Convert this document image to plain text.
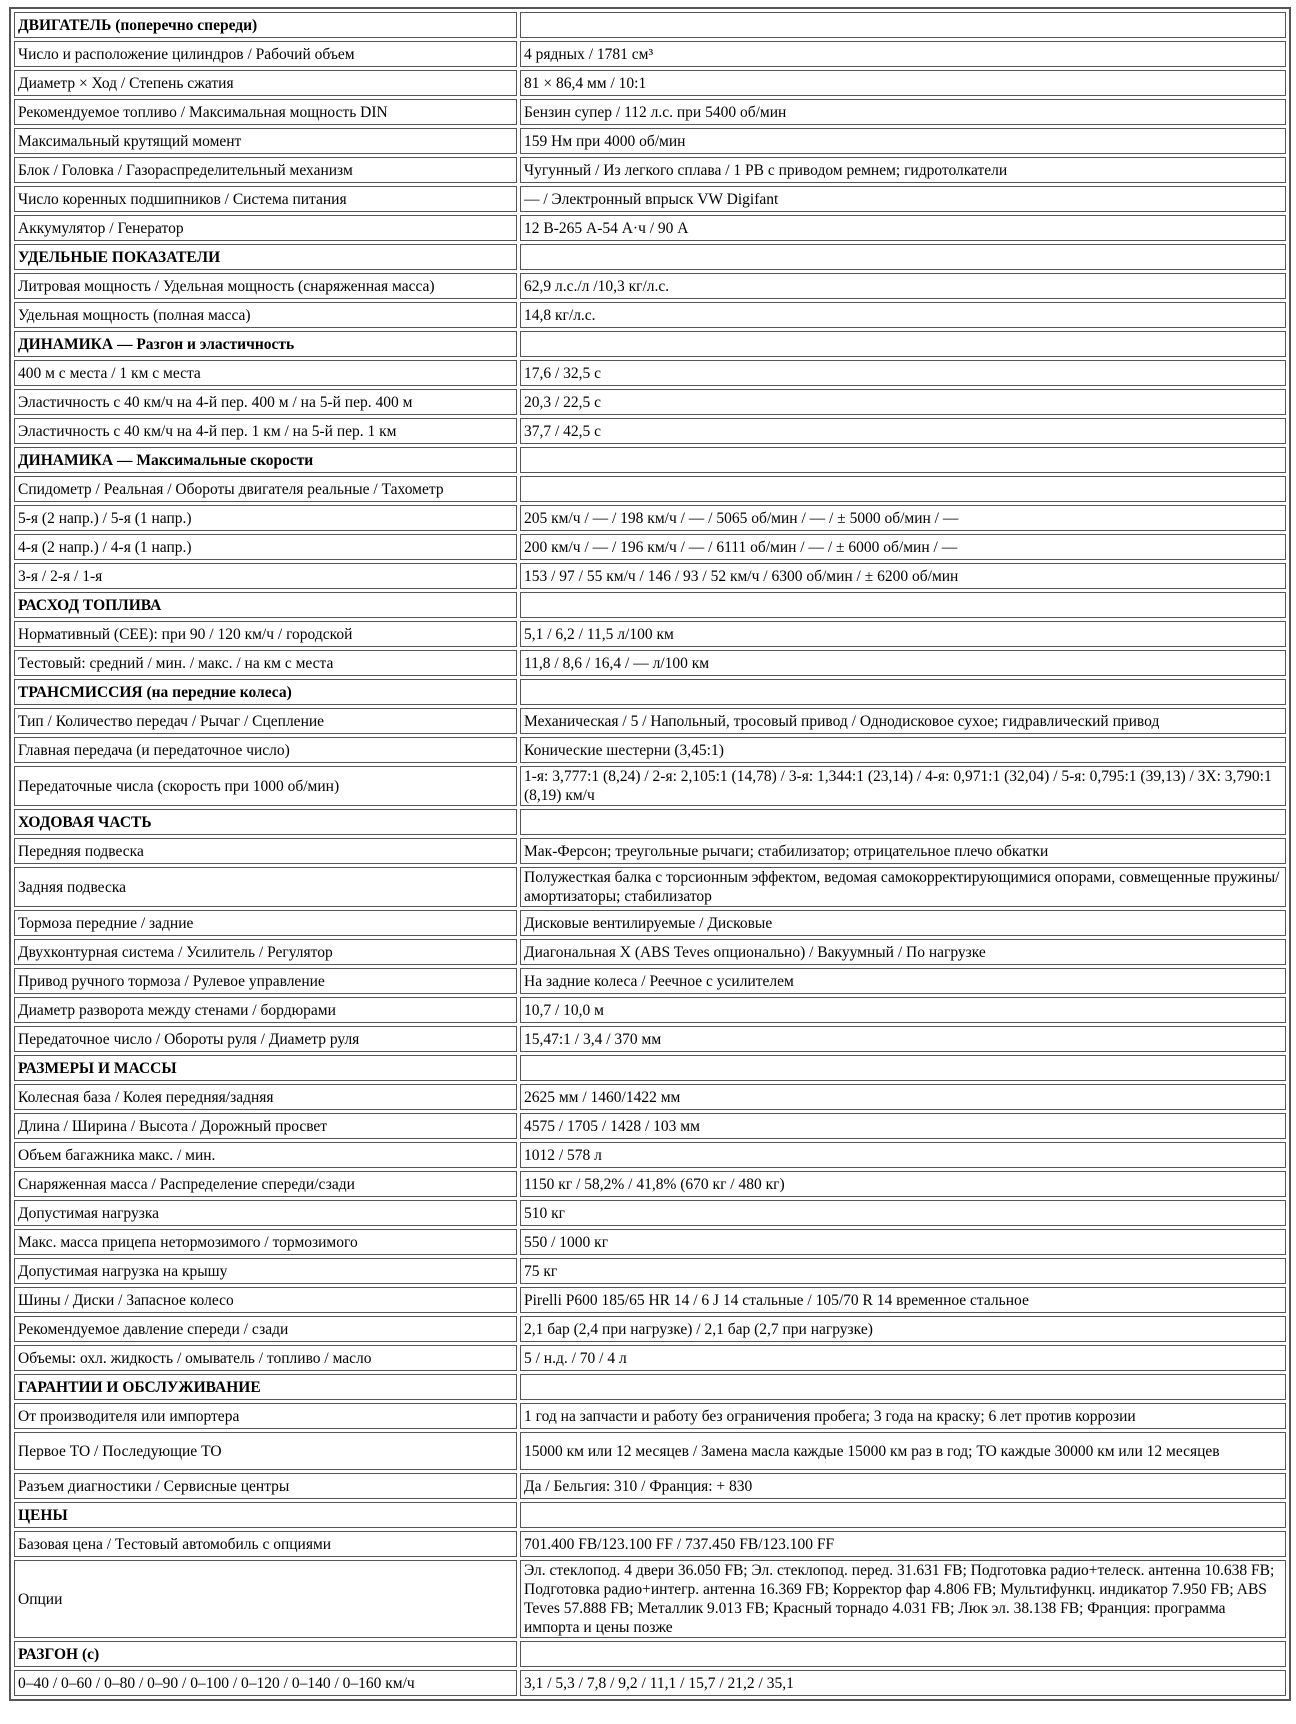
ДВИГАТЕЛЬ (поперечно спереди)	
Число и расположение цилиндров / Рабочий объем	4 рядных / 1781 см³
Диаметр × Ход / Степень сжатия	81 × 86,4 мм / 10:1
Рекомендуемое топливо / Максимальная мощность DIN	Бензин супер / 112 л.с. при 5400 об/мин
Максимальный крутящий момент	159 Нм при 4000 об/мин
Блок / Головка / Газораспределительный механизм	Чугунный / Из легкого сплава / 1 РВ с приводом ремнем; гидротолкатели
Число коренных подшипников / Система питания	— / Электронный впрыск VW Digifant
Аккумулятор / Генератор	12 В-265 А-54 А·ч / 90 А
УДЕЛЬНЫЕ ПОКАЗАТЕЛИ	
Литровая мощность / Удельная мощность (снаряженная масса)	62,9 л.с./л /10,3 кг/л.с.
Удельная мощность (полная масса)	14,8 кг/л.с.
ДИНАМИКА — Разгон и эластичность	
400 м с места / 1 км с места	17,6 / 32,5 с
Эластичность с 40 км/ч на 4-й пер. 400 м / на 5-й пер. 400 м	20,3 / 22,5 с
Эластичность с 40 км/ч на 4-й пер. 1 км / на 5-й пер. 1 км	37,7 / 42,5 с
ДИНАМИКА — Максимальные скорости	
Спидометр / Реальная / Обороты двигателя реальные / Тахометр	
5-я (2 напр.) / 5-я (1 напр.)	205 км/ч / — / 198 км/ч / — / 5065 об/мин / — / ± 5000 об/мин / —
4-я (2 напр.) / 4-я (1 напр.)	200 км/ч / — / 196 км/ч / — / 6111 об/мин / — / ± 6000 об/мин / —
3-я / 2-я / 1-я	153 / 97 / 55 км/ч / 146 / 93 / 52 км/ч / 6300 об/мин / ± 6200 об/мин
РАСХОД ТОПЛИВА	
Нормативный (CEE): при 90 / 120 км/ч / городской	5,1 / 6,2 / 11,5 л/100 км
Тестовый: средний / мин. / макс. / на км с места	11,8 / 8,6 / 16,4 / — л/100 км
ТРАНСМИССИЯ (на передние колеса)	
Тип / Количество передач / Рычаг / Сцепление	Механическая / 5 / Напольный, тросовый привод / Однодисковое сухое; гидравлический привод
Главная передача (и передаточное число)	Конические шестерни (3,45:1)
Передаточные числа (скорость при 1000 об/мин)	1-я: 3,777:1 (8,24) / 2-я: 2,105:1 (14,78) / 3-я: 1,344:1 (23,14) / 4-я: 0,971:1 (32,04) / 5-я: 0,795:1 (39,13) / ЗХ: 3,790:1 (8,19) км/ч
ХОДОВАЯ ЧАСТЬ	
Передняя подвеска	Мак-Ферсон; треугольные рычаги; стабилизатор; отрицательное плечо обкатки
Задняя подвеска	Полужесткая балка с торсионным эффектом, ведомая самокорректирующимися опорами, совмещенные пружины/амортизаторы; стабилизатор
Тормоза передние / задние	Дисковые вентилируемые / Дисковые
Двухконтурная система / Усилитель / Регулятор	Диагональная X (ABS Teves опционально) / Вакуумный / По нагрузке
Привод ручного тормоза / Рулевое управление	На задние колеса / Реечное с усилителем
Диаметр разворота между стенами / бордюрами	10,7 / 10,0 м
Передаточное число / Обороты руля / Диаметр руля	15,47:1 / 3,4 / 370 мм
РАЗМЕРЫ И МАССЫ	
Колесная база / Колея передняя/задняя	2625 мм / 1460/1422 мм
Длина / Ширина / Высота / Дорожный просвет	4575 / 1705 / 1428 / 103 мм
Объем багажника макс. / мин.	1012 / 578 л
Снаряженная масса / Распределение спереди/сзади	1150 кг / 58,2% / 41,8% (670 кг / 480 кг)
Допустимая нагрузка	510 кг
Макс. масса прицепа нетормозимого / тормозимого	550 / 1000 кг
Допустимая нагрузка на крышу	75 кг
Шины / Диски / Запасное колесо	Pirelli P600 185/65 HR 14 / 6 J 14 стальные / 105/70 R 14 временное стальное
Рекомендуемое давление спереди / сзади	2,1 бар (2,4 при нагрузке) / 2,1 бар (2,7 при нагрузке)
Объемы: охл. жидкость / омыватель / топливо / масло	5 / н.д. / 70 / 4 л
ГАРАНТИИ И ОБСЛУЖИВАНИЕ	
От производителя или импортера	1 год на запчасти и работу без ограничения пробега; 3 года на краску; 6 лет против коррозии
Первое ТО / Последующие ТО	15000 км или 12 месяцев / Замена масла каждые 15000 км раз в год; ТО каждые 30000 км или 12 месяцев
Разъем диагностики / Сервисные центры	Да / Бельгия: 310 / Франция: + 830
ЦЕНЫ	
Базовая цена / Тестовый автомобиль с опциями	701.400 FB/123.100 FF / 737.450 FB/123.100 FF
Опции	Эл. стеклопод. 4 двери 36.050 FB; Эл. стеклопод. перед. 31.631 FB; Подготовка радио+телеск. антенна 10.638 FB; Подготовка радио+интегр. антенна 16.369 FB; Корректор фар 4.806 FB; Мультифункц. индикатор 7.950 FB; ABS Teves 57.888 FB; Металлик 9.013 FB; Красный торнадо 4.031 FB; Люк эл. 38.138 FB; Франция: программа импорта и цены позже
РАЗГОН (с)	
0–40 / 0–60 / 0–80 / 0–90 / 0–100 / 0–120 / 0–140 / 0–160 км/ч	3,1 / 5,3 / 7,8 / 9,2 / 11,1 / 15,7 / 21,2 / 35,1
